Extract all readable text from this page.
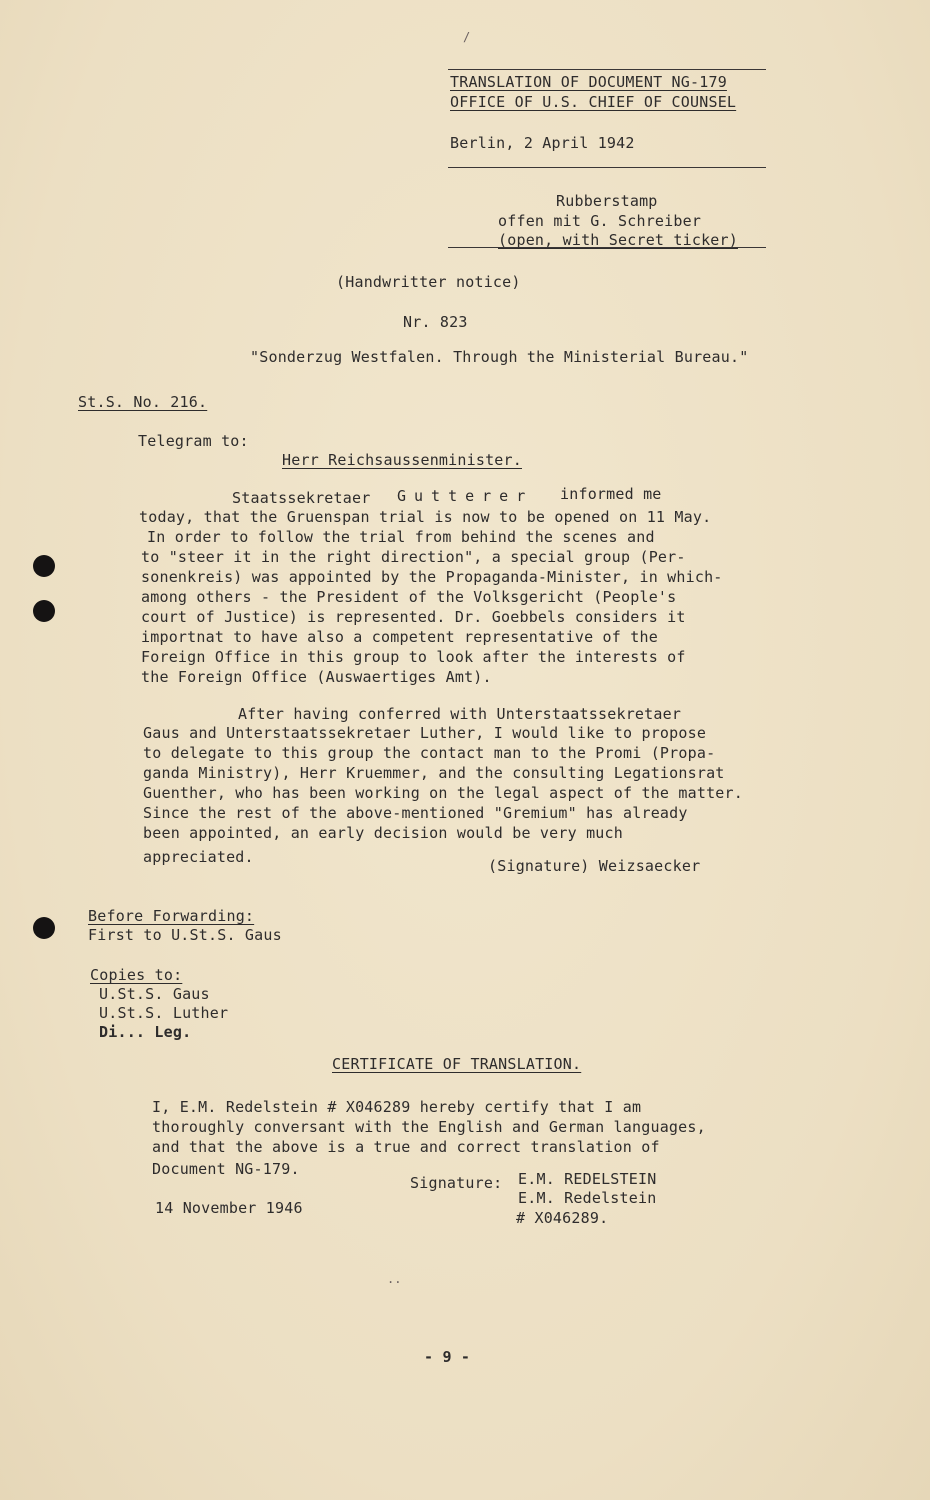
/
TRANSLATION OF DOCUMENT NG-179
OFFICE OF U.S. CHIEF OF COUNSEL
Berlin, 2 April 1942
Rubberstamp
offen mit G. Schreiber
(open, with Secret ticker)
(Handwritter notice)
Nr. 823
"Sonderzug Westfalen. Through the Ministerial Bureau."
St.S. No. 216.
Telegram to:
Herr Reichsaussenminister.
Staatssekretaer Gutterer informed me
today, that the Gruenspan trial is now to be opened on 11 May.
In order to follow the trial from behind the scenes and
to "steer it in the right direction", a special group (Per-
sonenkreis) was appointed by the Propaganda-Minister, in which-
among others - the President of the Volksgericht (People's
court of Justice) is represented. Dr. Goebbels considers it
importnat to have also a competent representative of the
Foreign Office in this group to look after the interests of
the Foreign Office (Auswaertiges Amt).
After having conferred with Unterstaatssekretaer
Gaus and Unterstaatssekretaer Luther, I would like to propose
to delegate to this group the contact man to the Promi (Propa-
ganda Ministry), Herr Kruemmer, and the consulting Legationsrat
Guenther, who has been working on the legal aspect of the matter.
Since the rest of the above-mentioned "Gremium" has already
been appointed, an early decision would be very much
appreciated.	(Signature) Weizsaecker
Before Forwarding:
First to U.St.S. Gaus
Copies to:
U.St.S. Gaus
U.St.S. Luther
Di... Leg.
CERTIFICATE OF TRANSLATION.
I, E.M. Redelstein # X046289 hereby certify that I am
thoroughly conversant with the English and German languages,
and that the above is a true and correct translation of
Document NG-179.
Signature: E.M. REDELSTEIN
E.M. Redelstein
# X046289.
14 November 1946
..
- 9 -
